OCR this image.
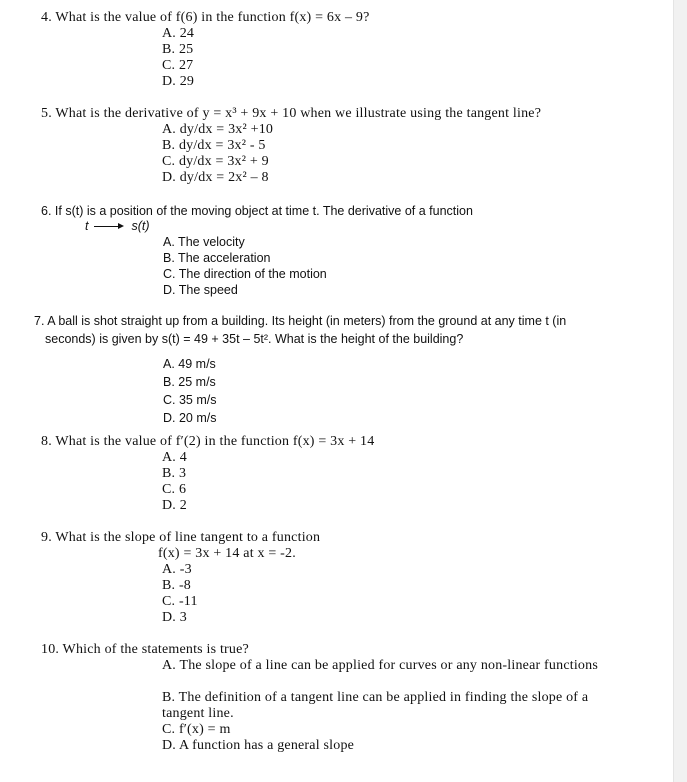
4. What is the value of f(6) in the function f(x) = 6x – 9?
A. 24
B. 25
C. 27
D. 29
5. What is the derivative of y = x³ + 9x + 10 when we illustrate using the tangent line?
A. dy/dx = 3x² +10
B. dy/dx = 3x² - 5
C. dy/dx = 3x² + 9
D. dy/dx = 2x² – 8
6. If s(t) is a position of the moving object at time t. The derivative of a function
t	s(t)
A. The velocity
B. The acceleration
C. The direction of the motion
D. The speed
7. A ball is shot straight up from a building. Its height (in meters) from the ground at any time t (in
seconds) is given by s(t) = 49 + 35t – 5t². What is the height of the building?
A. 49 m/s
B. 25 m/s
C. 35 m/s
D. 20 m/s
8. What is the value of f′(2) in the function f(x) = 3x + 14
A. 4
B. 3
C. 6
D. 2
9. What is the slope of line tangent to a function
f(x) = 3x + 14 at x = -2.
A. -3
B. -8
C. -11
D. 3
10. Which of the statements is true?
A. The slope of a line can be applied for curves or any non-linear functions
B. The definition of a tangent line can be applied in finding the slope of a tangent line.
C. f′(x) = m
D. A function has a general slope
